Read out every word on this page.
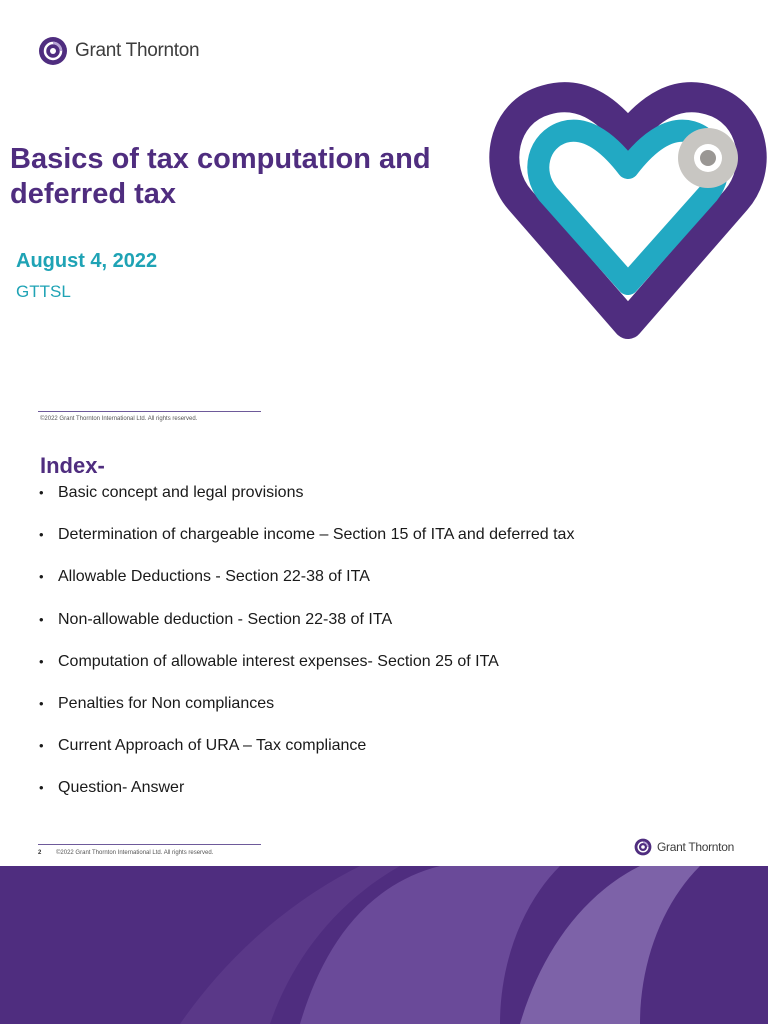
Grant Thornton
Basics of tax computation and deferred tax
August 4, 2022
GTTSL
©2022 Grant Thornton International Ltd. All rights reserved.
Index-
• Basic concept and legal provisions
• Determination of chargeable income – Section 15 of ITA and deferred tax
• Allowable Deductions - Section 22-38 of ITA
• Non-allowable deduction - Section 22-38 of ITA
• Computation of allowable interest expenses- Section 25 of ITA
• Penalties for Non compliances
• Current Approach of URA – Tax compliance
• Question- Answer
2 ©2022 Grant Thornton International Ltd. All rights reserved.	Grant Thornton
